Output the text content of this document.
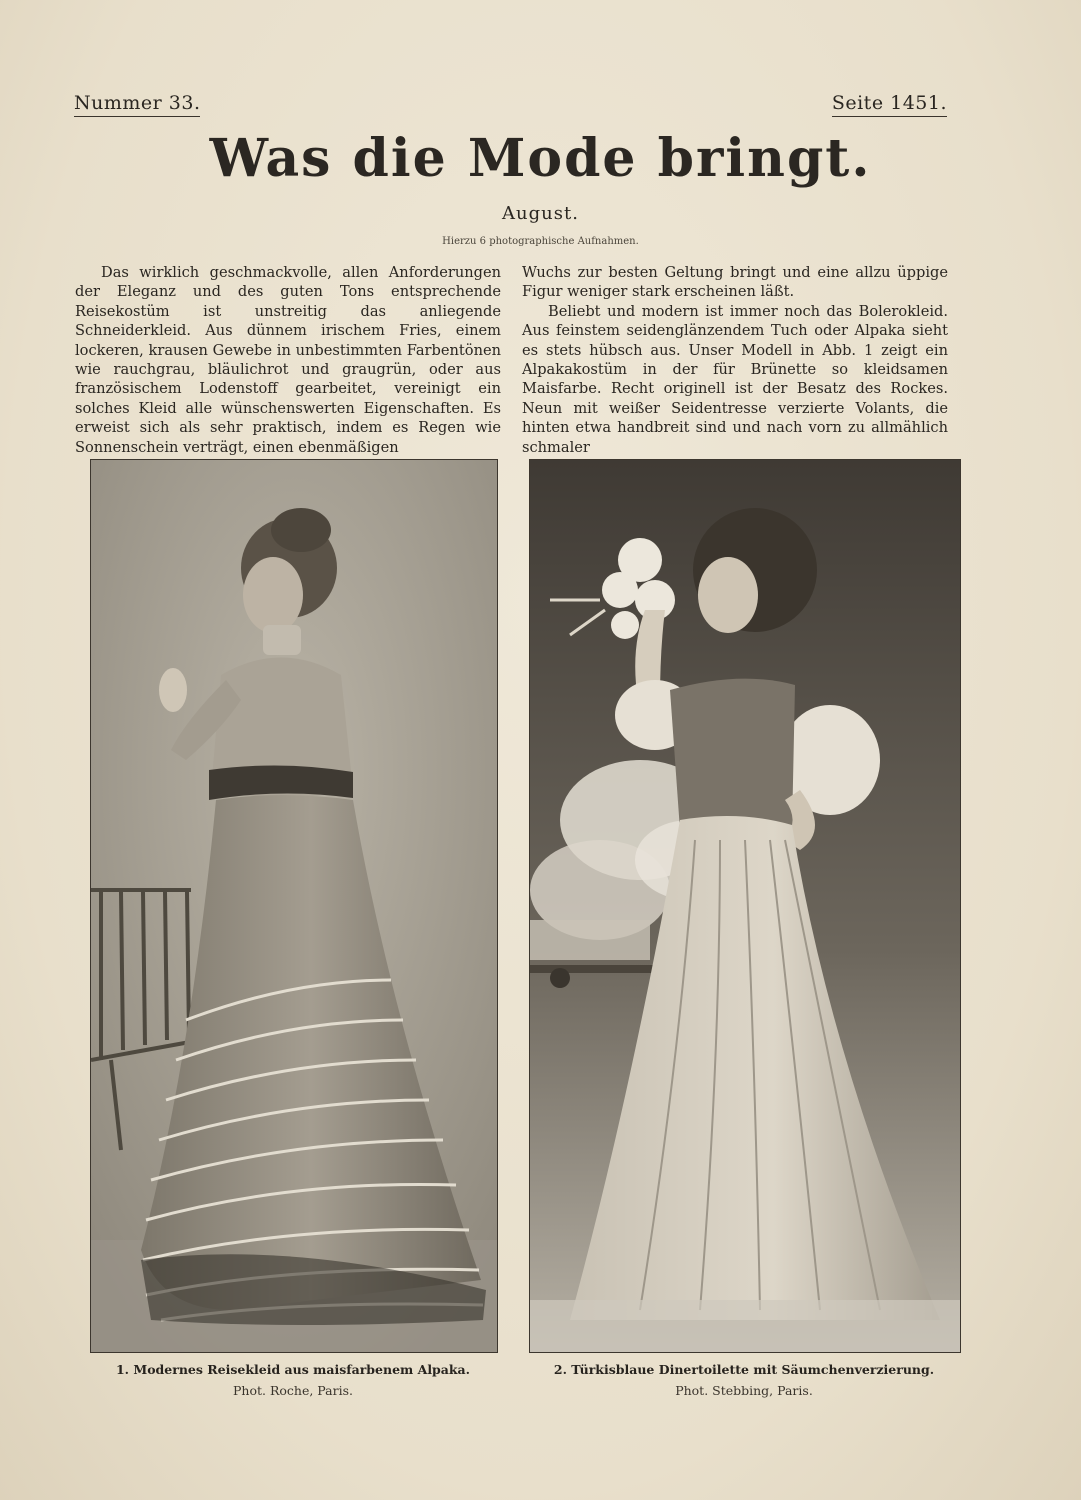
Nummer 33.	Seite 1451.
Was die Mode bringt.
August.
Hierzu 6 photographische Aufnahmen.

Das wirklich geschmackvolle, allen Anforderungen der Eleganz und des guten Tons entsprechende Reisekostüm ist unstreitig das anliegende Schneiderkleid. Aus dünnem irischem Fries, einem lockeren, krausen Gewebe in unbestimmten Farbentönen wie rauchgrau, bläulichrot und graugrün, oder aus französischem Lodenstoff gearbeitet, vereinigt ein solches Kleid alle wünschenswerten Eigenschaften. Es erweist sich als sehr praktisch, indem es Regen wie Sonnenschein verträgt, einen ebenmäßigen

Wuchs zur besten Geltung bringt und eine allzu üppige Figur weniger stark erscheinen läßt.

Beliebt und modern ist immer noch das Bolerokleid. Aus feinstem seidenglänzendem Tuch oder Alpaka sieht es stets hübsch aus. Unser Modell in Abb. 1 zeigt ein Alpakakostüm in der für Brünette so kleidsamen Maisfarbe. Recht originell ist der Besatz des Rockes. Neun mit weißer Seidentresse verzierte Volants, die hinten etwa handbreit sind und nach vorn zu allmählich schmaler

1. Modernes Reisekleid aus maisfarbenem Alpaka.
Phot. Roche, Paris.
2. Türkisblaue Dinertoilette mit Säumchenverzierung.
Phot. Stebbing, Paris.
